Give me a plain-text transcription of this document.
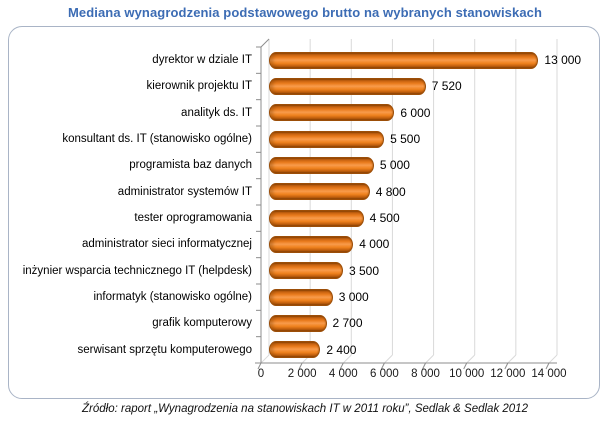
Mediana wynagrodzenia podstawowego brutto na wybranych stanowiskach
dyrektor w dziale IT	13 000
kierownik projektu IT	7 520
analityk ds. IT	6 000
konsultant ds. IT (stanowisko ogólne)	5 500
programista baz danych	5 000
administrator systemów IT	4 800
tester oprogramowania	4 500
administrator sieci informatycznej	4 000
inżynier wsparcia technicznego IT (helpdesk)	3 500
informatyk (stanowisko ogólne)	3 000
grafik komputerowy	2 700
serwisant sprzętu komputerowego	2 400
0 2 000 4 000 6 000 8 000 10 000 12 000 14 000
Źródło: raport „Wynagrodzenia na stanowiskach IT w 2011 roku”, Sedlak & Sedlak 2012
